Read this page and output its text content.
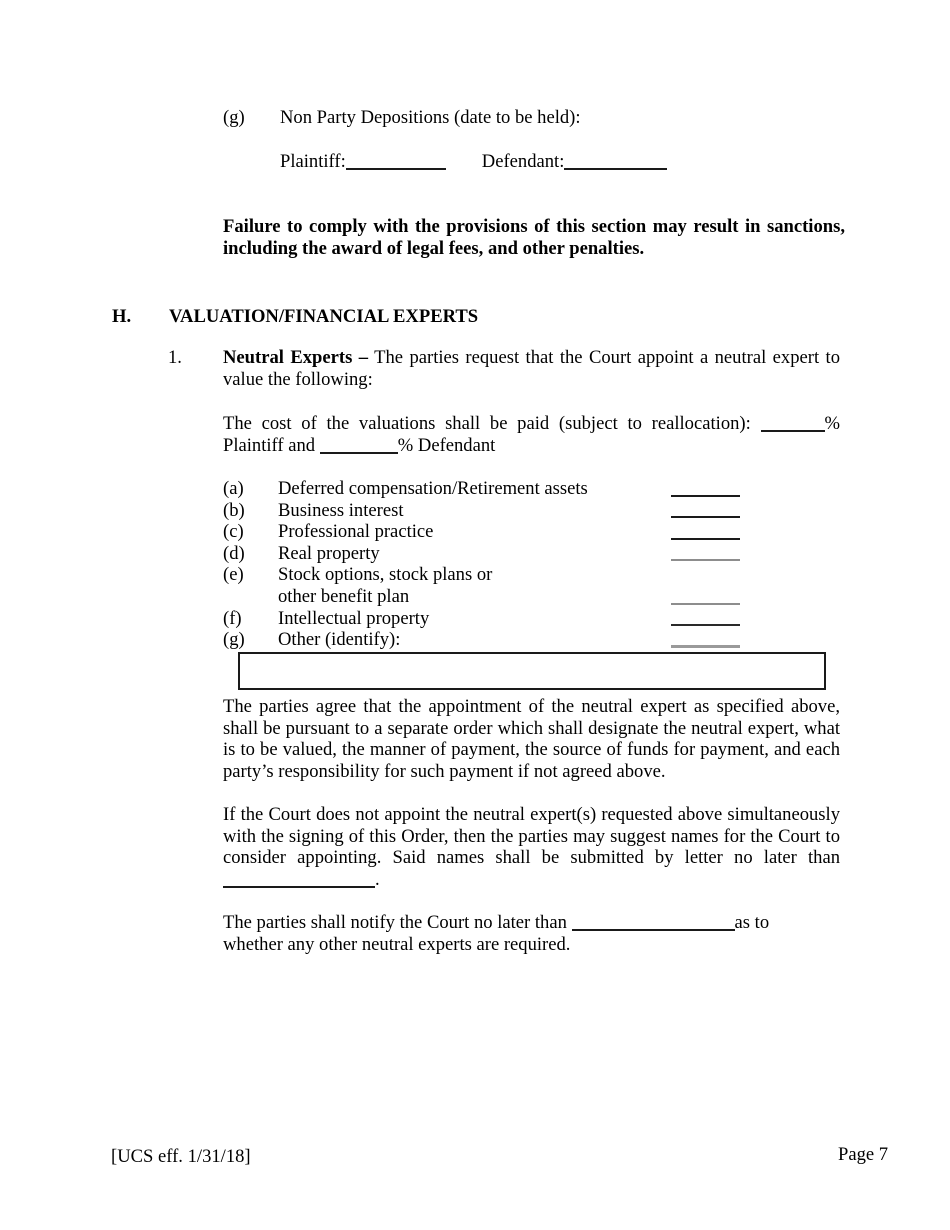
(g)	Non Party Depositions (date to be held):
Plaintiff:	Defendant:
Failure to comply with the provisions of this section may result in sanctions, including the award of legal fees, and other penalties.
H.	VALUATION/FINANCIAL EXPERTS
1.	Neutral Experts – The parties request that the Court appoint a neutral expert to value the following:
The cost of the valuations shall be paid (subject to reallocation):	% Plaintiff and	% Defendant
(a) Deferred compensation/Retirement assets
(b) Business interest
(c) Professional practice
(d) Real property
(e) Stock options, stock plans or
other benefit plan
(f) Intellectual property
(g) Other (identify):
The parties agree that the appointment of the neutral expert as specified above, shall be pursuant to a separate order which shall designate the neutral expert, what is to be valued, the manner of payment, the source of funds for payment, and each party’s responsibility for such payment if not agreed above.
If the Court does not appoint the neutral expert(s) requested above simultaneously with the signing of this Order, then the parties may suggest names for the Court to consider appointing. Said names shall be submitted by letter no later than .
The parties shall notify the Court no later than	as to
whether any other neutral experts are required.
[UCS eff. 1/31/18]	Page 7
